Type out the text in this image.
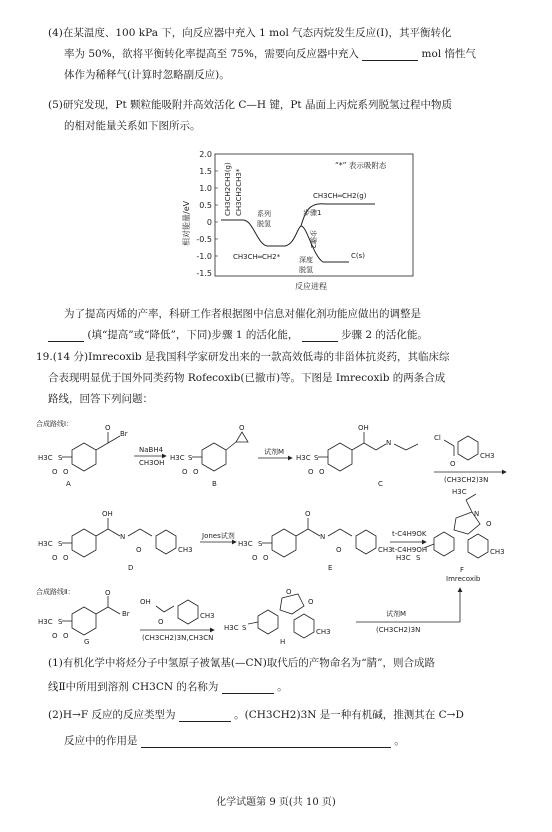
(4)在某温度、100 kPa 下，向反应器中充入 1 mol 气态丙烷发生反应(Ⅰ)，其平衡转化
率为 50%，欲将平衡转化率提高至 75%，需要向反应器中充入	mol 惰性气
体作为稀释气(计算时忽略副反应)。
(5)研究发现，Pt 颗粒能吸附并高效活化 C—H 键，Pt 晶面上丙烷系列脱氢过程中物质
的相对能量关系如下图所示。
2.0
1.5
1.0
0.5
0
-0.5
-1.0
-1.5
相对能量/eV
反应进程
“*” 表示吸附态
CH3CH2CH3(g) CH3CH2CH3* 系列
脱氢
CH3CH═CH2*
CH3CH═CH2(g)
步骤1
步骤2
深度
脱氢
C(s)
为了提高丙烯的产率，科研工作者根据图中信息对催化剂功能应做出的调整是
(填“提高”或“降低”，下同)步骤 1 的活化能，	步骤 2 的活化能。
19.(14 分)Imrecoxib 是我国科学家研发出来的一款高效低毒的非甾体抗炎药，其临床综
合表现明显优于国外同类药物 Rofecoxib(已撤市)等。下图是 Imrecoxib 的两条合成
路线，回答下列问题：
合成路线Ⅰ：	O
Br
H3C S
O O
A
NaBH4
CH3OH
O
H3C S
O O
B
试剂M
OH
N
H3C S
O O
C
Cl
O
CH3
(CH3CH2)3N
OH
N
O
H3C S
O O
CH3
D
Jones试剂
O
N
O
H3C S
O O
CH3
E
t-C4H9OK
t-C4H9OH
H3C
N
O
H3C S
CH3
F
Imrecoxib
合成路线Ⅱ：	O
Br
H3C S
O O
G
OH
O
CH3
(CH3CH2)3N,CH3CN
O
O
H3C S	CH3
H
试剂M
(CH3CH2)3N
(1)有机化学中将烃分子中氢原子被氰基(—CN)取代后的产物命名为“腈”，则合成路
线Ⅱ中所用到溶剂 CH3CN 的名称为	。
(2)H→F 反应的反应类型为	。(CH3CH2)3N 是一种有机碱，推测其在 C→D
反应中的作用是	。
化学试题第 9 页(共 10 页)
